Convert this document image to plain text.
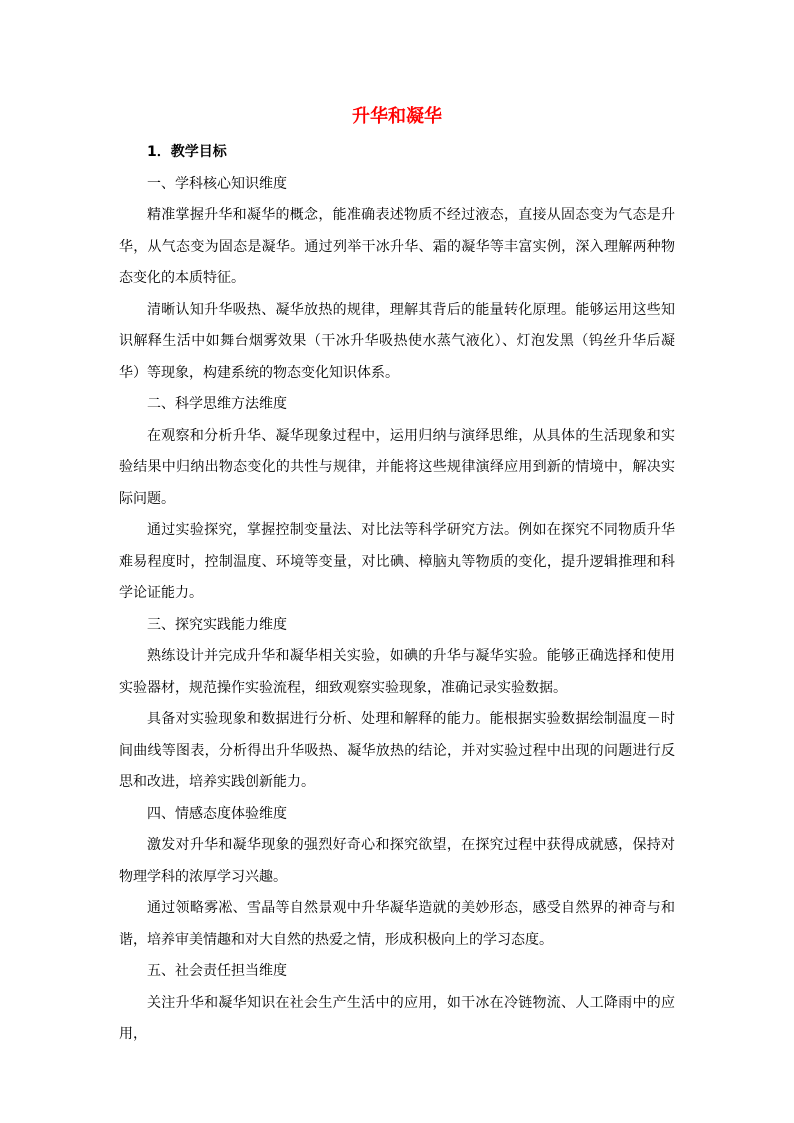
升华和凝华

1．教学目标

一、学科核心知识维度

精准掌握升华和凝华的概念，能准确表述物质不经过液态，直接从固态变为气态是升华，从气态变为固态是凝华。通过列举干冰升华、霜的凝华等丰富实例，深入理解两种物态变化的本质特征。

清晰认知升华吸热、凝华放热的规律，理解其背后的能量转化原理。能够运用这些知识解释生活中如舞台烟雾效果（干冰升华吸热使水蒸气液化）、灯泡发黑（钨丝升华后凝华）等现象，构建系统的物态变化知识体系。

二、科学思维方法维度

在观察和分析升华、凝华现象过程中，运用归纳与演绎思维，从具体的生活现象和实验结果中归纳出物态变化的共性与规律，并能将这些规律演绎应用到新的情境中，解决实际问题。

通过实验探究，掌握控制变量法、对比法等科学研究方法。例如在探究不同物质升华难易程度时，控制温度、环境等变量，对比碘、樟脑丸等物质的变化，提升逻辑推理和科学论证能力。

三、探究实践能力维度

熟练设计并完成升华和凝华相关实验，如碘的升华与凝华实验。能够正确选择和使用实验器材，规范操作实验流程，细致观察实验现象，准确记录实验数据。

具备对实验现象和数据进行分析、处理和解释的能力。能根据实验数据绘制温度－时间曲线等图表，分析得出升华吸热、凝华放热的结论，并对实验过程中出现的问题进行反思和改进，培养实践创新能力。

四、情感态度体验维度

激发对升华和凝华现象的强烈好奇心和探究欲望，在探究过程中获得成就感，保持对物理学科的浓厚学习兴趣。

通过领略雾凇、雪晶等自然景观中升华凝华造就的美妙形态，感受自然界的神奇与和谐，培养审美情趣和对大自然的热爱之情，形成积极向上的学习态度。

五、社会责任担当维度

关注升华和凝华知识在社会生产生活中的应用，如干冰在冷链物流、人工降雨中的应用，
